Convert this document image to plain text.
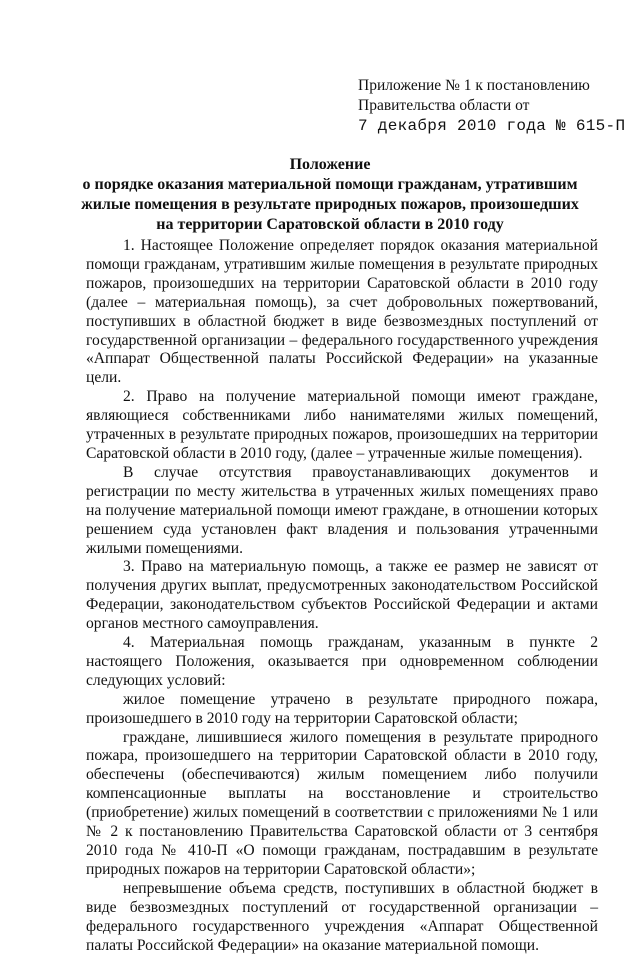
Приложение № 1 к постановлению
Правительства области от
7 декабря 2010 года № 615-П
Положение
о порядке оказания материальной помощи гражданам, утратившим
жилые помещения в результате природных пожаров, произошедших
на территории Саратовской области в 2010 году

1. Настоящее Положение определяет порядок оказания материальной помощи гражданам, утратившим жилые помещения в результате природных пожаров, произошедших на территории Саратовской области в 2010 году (далее – материальная помощь), за счет добровольных пожертвований, поступивших в областной бюджет в виде безвозмездных поступлений от государственной организации – федерального государственного учреждения «Аппарат Общественной палаты Российской Федерации» на указанные цели.

2. Право на получение материальной помощи имеют граждане, являющиеся собственниками либо нанимателями жилых помещений, утраченных в результате природных пожаров, произошедших на территории Саратовской области в 2010 году, (далее – утраченные жилые помещения).

В случае отсутствия правоустанавливающих документов и регистрации по месту жительства в утраченных жилых помещениях право на получение материальной помощи имеют граждане, в отношении которых решением суда установлен факт владения и пользования утраченными жилыми помещениями.

3. Право на материальную помощь, а также ее размер не зависят от получения других выплат, предусмотренных законодательством Российской Федерации, законодательством субъектов Российской Федерации и актами органов местного самоуправления.

4. Материальная помощь гражданам, указанным в пункте 2 настоящего Положения, оказывается при одновременном соблюдении следующих условий:

жилое помещение утрачено в результате природного пожара, произошедшего в 2010 году на территории Саратовской области;

граждане, лишившиеся жилого помещения в результате природного пожара, произошедшего на территории Саратовской области в 2010 году, обеспечены (обеспечиваются) жилым помещением либо получили компенсационные выплаты на восстановление и строительство (приобретение) жилых помещений в соответствии с приложениями № 1 или № 2 к постановлению Правительства Саратовской области от 3 сентября 2010 года № 410-П «О помощи гражданам, пострадавшим в результате природных пожаров на территории Саратовской области»;

непревышение объема средств, поступивших в областной бюджет в виде безвозмездных поступлений от государственной организации – федерального государственного учреждения «Аппарат Общественной палаты Российской Федерации» на оказание материальной помощи.
